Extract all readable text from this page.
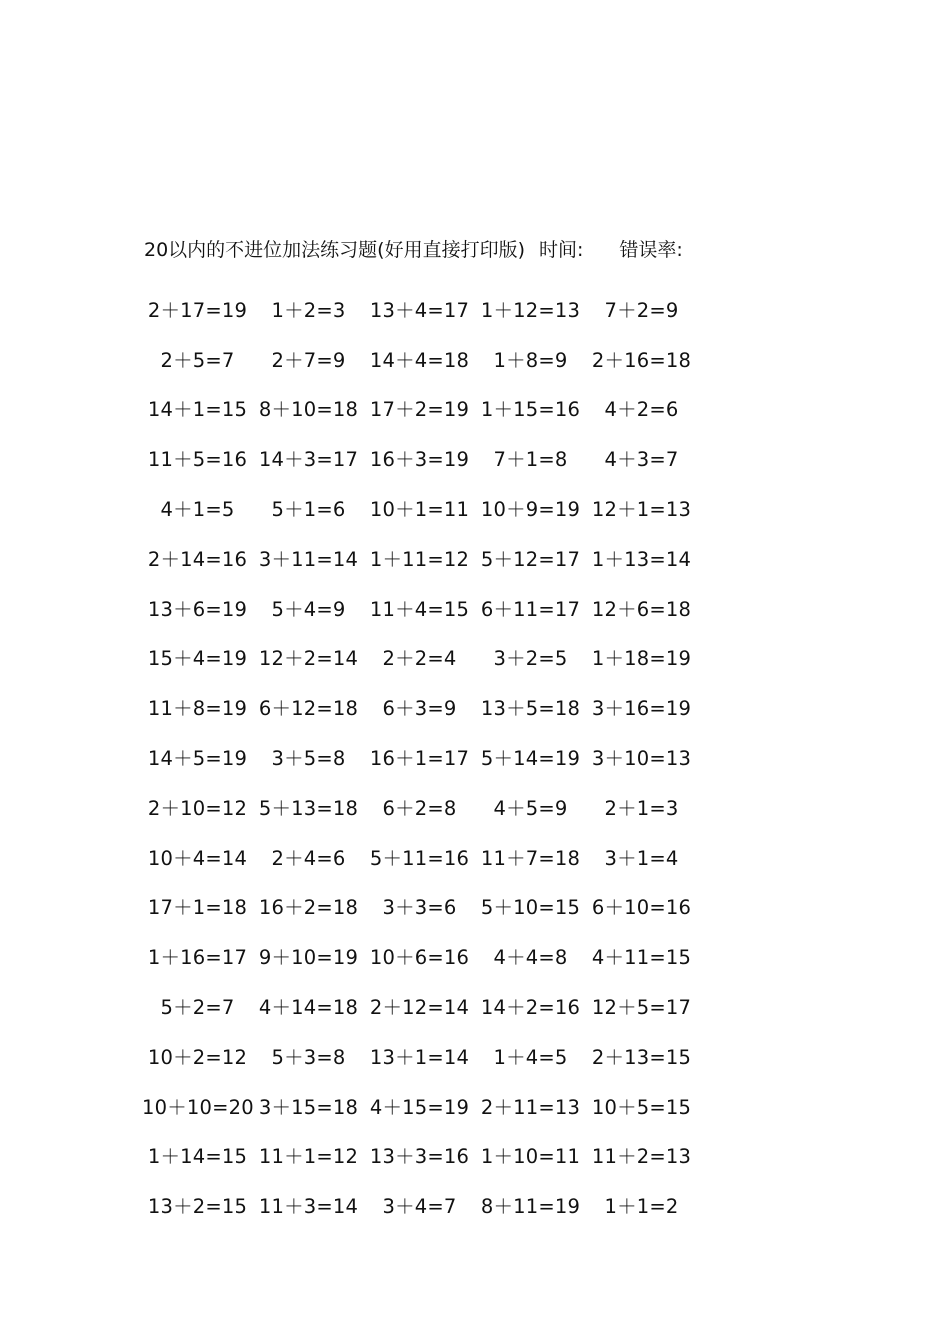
20以内的不进位加法练习题(好用直接打印版) 时间: 错误率:
2＋17=19	1＋2=3	13＋4=17 1＋12=13	7＋2=9
2＋5=7	2＋7=9	14＋4=18	1＋8=9	2＋16=18
14＋1=15 8＋10=18 17＋2=19 1＋15=16	4＋2=6
11＋5=16 14＋3=17 16＋3=19	7＋1=8	4＋3=7
4＋1=5	5＋1=6	10＋1=11 10＋9=19 12＋1=13
2＋14=16 3＋11=14 1＋11=12 5＋12=17 1＋13=14
13＋6=19	5＋4=9	11＋4=15 6＋11=17 12＋6=18
15＋4=19 12＋2=14	2＋2=4	3＋2=5	1＋18=19
11＋8=19 6＋12=18	6＋3=9	13＋5=18 3＋16=19
14＋5=19	3＋5=8	16＋1=17 5＋14=19 3＋10=13
2＋10=12 5＋13=18	6＋2=8	4＋5=9	2＋1=3
10＋4=14	2＋4=6	5＋11=16 11＋7=18	3＋1=4
17＋1=18 16＋2=18	3＋3=6	5＋10=15 6＋10=16
1＋16=17 9＋10=19 10＋6=16	4＋4=8	4＋11=15
5＋2=7	4＋14=18 2＋12=14 14＋2=16 12＋5=17
10＋2=12	5＋3=8	13＋1=14	1＋4=5	2＋13=15
10＋10=20 3＋15=18 4＋15=19 2＋11=13 10＋5=15
1＋14=15 11＋1=12 13＋3=16 1＋10=11 11＋2=13
13＋2=15 11＋3=14	3＋4=7	8＋11=19	1＋1=2
